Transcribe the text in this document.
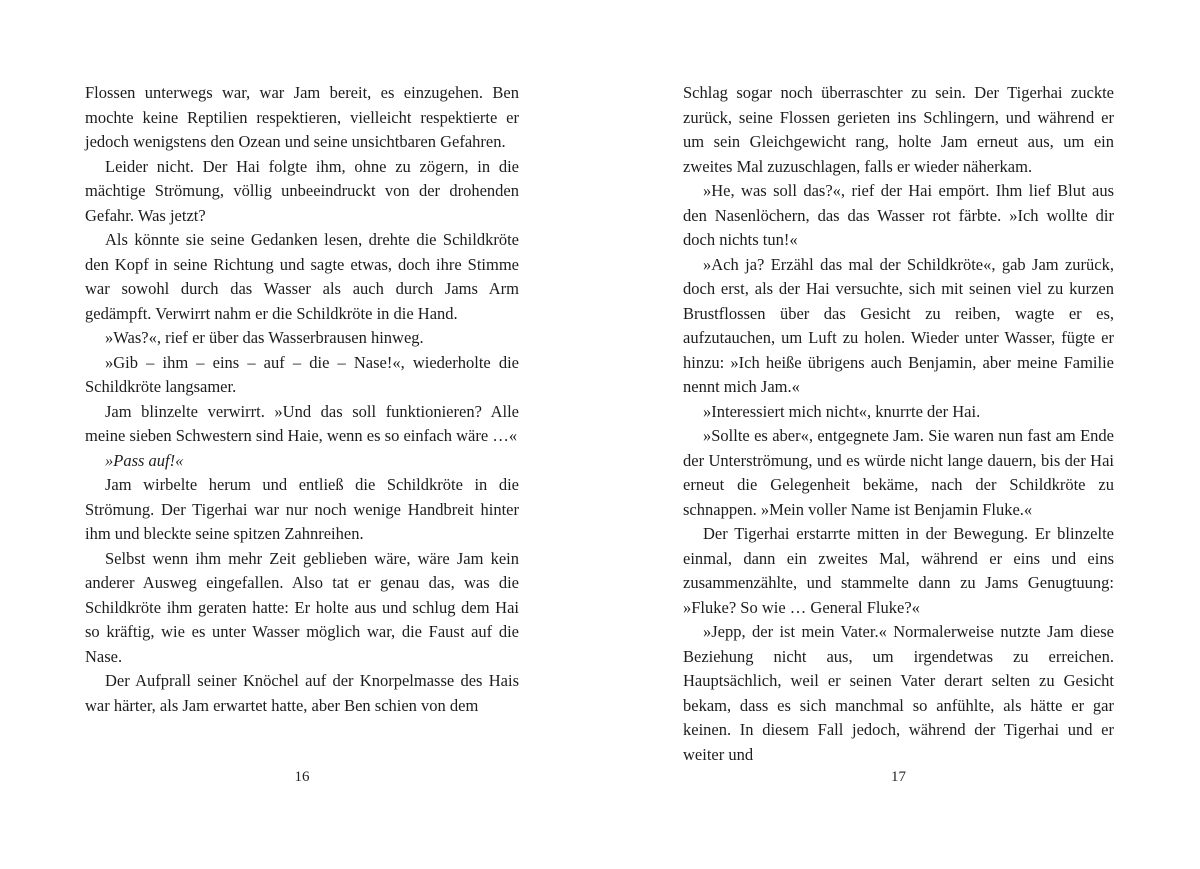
Flossen unterwegs war, war Jam bereit, es einzugehen. Ben mochte keine Reptilien respektieren, vielleicht respektierte er jedoch wenigstens den Ozean und seine unsichtbaren Gefahren.

Leider nicht. Der Hai folgte ihm, ohne zu zögern, in die mächtige Strömung, völlig unbeeindruckt von der drohenden Gefahr. Was jetzt?

Als könnte sie seine Gedanken lesen, drehte die Schildkröte den Kopf in seine Richtung und sagte etwas, doch ihre Stimme war sowohl durch das Wasser als auch durch Jams Arm gedämpft. Verwirrt nahm er die Schildkröte in die Hand.

»Was?«, rief er über das Wasserbrausen hinweg.

»Gib – ihm – eins – auf – die – Nase!«, wiederholte die Schildkröte langsamer.

Jam blinzelte verwirrt. »Und das soll funktionieren? Alle meine sieben Schwestern sind Haie, wenn es so einfach wäre …«

»Pass auf!«

Jam wirbelte herum und entließ die Schildkröte in die Strömung. Der Tigerhai war nur noch wenige Handbreit hinter ihm und bleckte seine spitzen Zahnreihen.

Selbst wenn ihm mehr Zeit geblieben wäre, wäre Jam kein anderer Ausweg eingefallen. Also tat er genau das, was die Schildkröte ihm geraten hatte: Er holte aus und schlug dem Hai so kräftig, wie es unter Wasser möglich war, die Faust auf die Nase.

Der Aufprall seiner Knöchel auf der Knorpelmasse des Hais war härter, als Jam erwartet hatte, aber Ben schien von dem

16

Schlag sogar noch überraschter zu sein. Der Tigerhai zuckte zurück, seine Flossen gerieten ins Schlingern, und während er um sein Gleichgewicht rang, holte Jam erneut aus, um ein zweites Mal zuzuschlagen, falls er wieder näherkam.

»He, was soll das?«, rief der Hai empört. Ihm lief Blut aus den Nasenlöchern, das das Wasser rot färbte. »Ich wollte dir doch nichts tun!«

»Ach ja? Erzähl das mal der Schildkröte«, gab Jam zurück, doch erst, als der Hai versuchte, sich mit seinen viel zu kurzen Brustflossen über das Gesicht zu reiben, wagte er es, aufzutauchen, um Luft zu holen. Wieder unter Wasser, fügte er hinzu: »Ich heiße übrigens auch Benjamin, aber meine Familie nennt mich Jam.«

»Interessiert mich nicht«, knurrte der Hai.

»Sollte es aber«, entgegnete Jam. Sie waren nun fast am Ende der Unterströmung, und es würde nicht lange dauern, bis der Hai erneut die Gelegenheit bekäme, nach der Schildkröte zu schnappen. »Mein voller Name ist Benjamin Fluke.«

Der Tigerhai erstarrte mitten in der Bewegung. Er blinzelte einmal, dann ein zweites Mal, während er eins und eins zusammenzählte, und stammelte dann zu Jams Genugtuung: »Fluke? So wie … General Fluke?«

»Jepp, der ist mein Vater.« Normalerweise nutzte Jam diese Beziehung nicht aus, um irgendetwas zu erreichen. Hauptsächlich, weil er seinen Vater derart selten zu Gesicht bekam, dass es sich manchmal so anfühlte, als hätte er gar keinen. In diesem Fall jedoch, während der Tigerhai und er weiter und

17
